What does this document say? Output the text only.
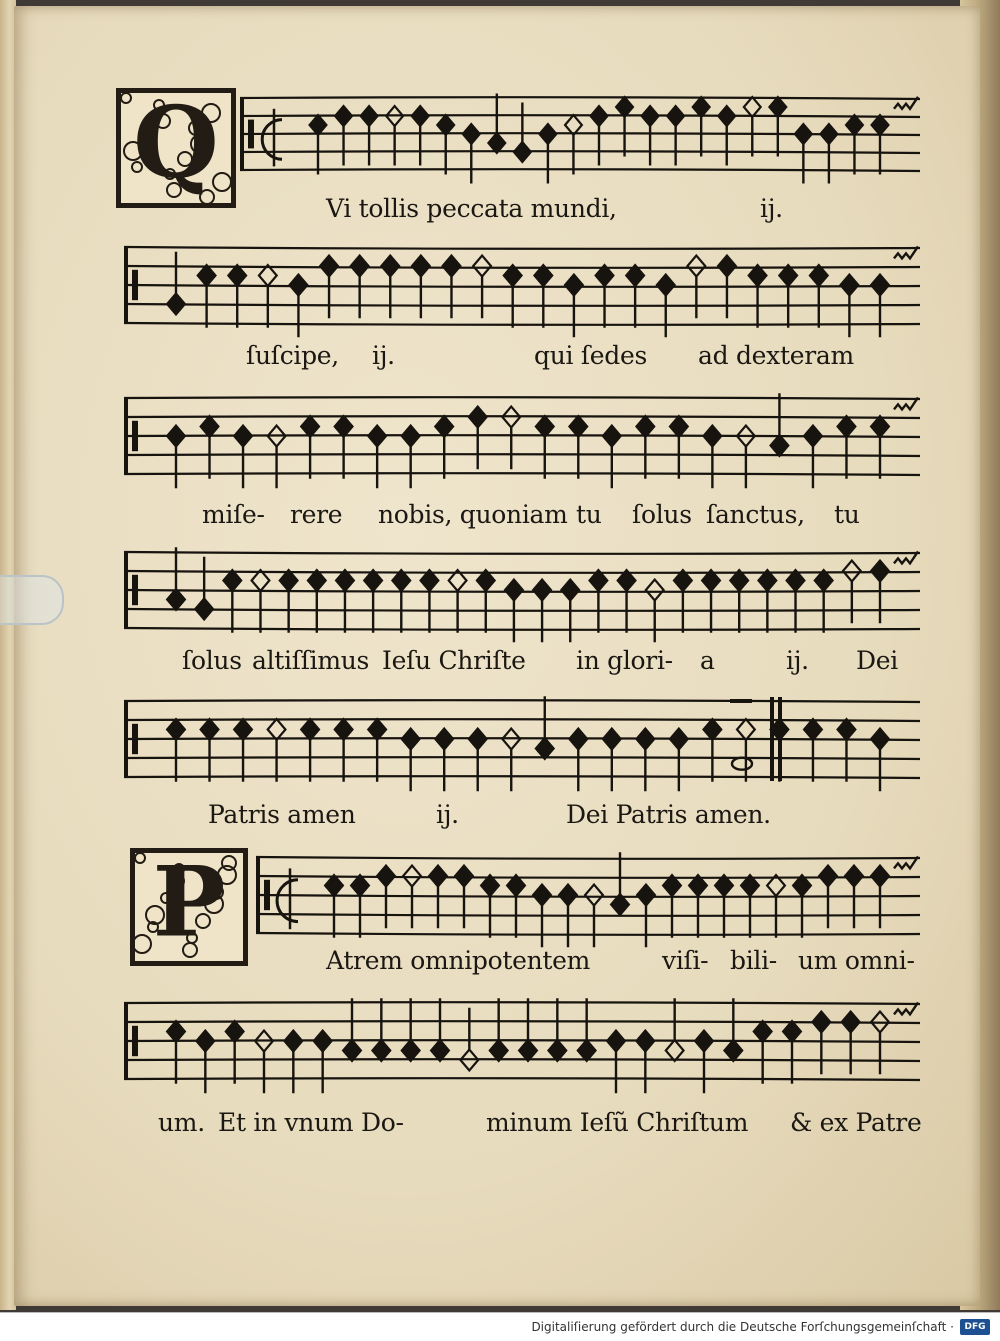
Q
P
Vi tollis peccata mundi,	ij.
ſuſcipe, ij.	qui ſedes ad dexteram
miſe- rere nobis, quoniam tu ſolus ſanctus, tu
ſolus altiſſimus Ieſu Chriſte in glori- a	ij. Dei
Patris amen	ij.	Dei Patris amen.
Atrem omnipotentem	viſi- bili- um omni-
um. Et in vnum Do-	minum Ieſũ Chriſtum & ex Patre
Digitaliſierung gefördert durch die Deutsche Forſchungsgemeinſchaft ·	DFG
